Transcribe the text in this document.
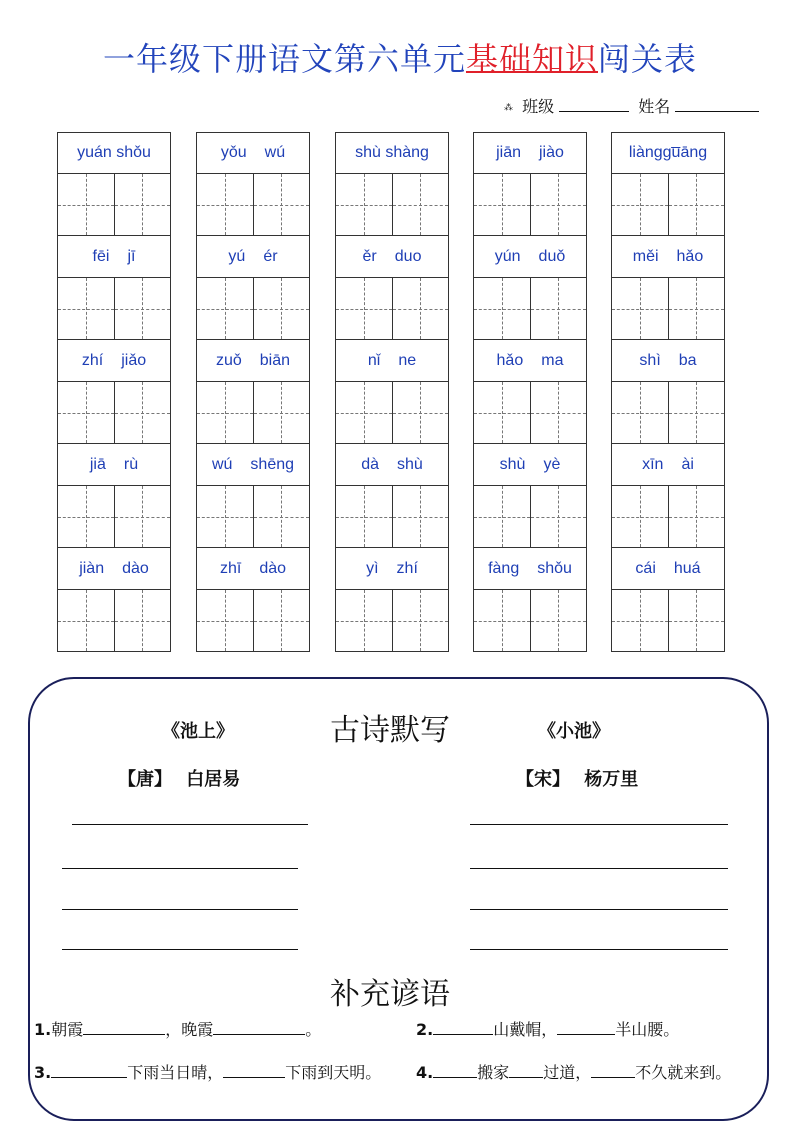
一年级下册语文第六单元基础知识闯关表
⁂ 班级	姓名
yuán shǒu
fēi jī
zhí jiǎo
jiā rù
jiàn dào
yǒu wú
yú ér
zuǒ biān
wú shēng
zhī dào
shù shàng
ěr duo
nǐ ne
dà shù
yì zhí
jiān jiào
yún duǒ
hǎo ma
shù yè
fàng shǒu
liànggu̅āng
měi hǎo
shì ba
xīn ài
cái huá
《池上》	古诗默写	《小池》
【唐】 白居易	【宋】 杨万里
补充谚语
1.朝霞	，晚霞	。	2.	山戴帽，	半山腰。
3.	下雨当日晴，	下雨到天明。 4.	搬家 过道，	不久就来到。
